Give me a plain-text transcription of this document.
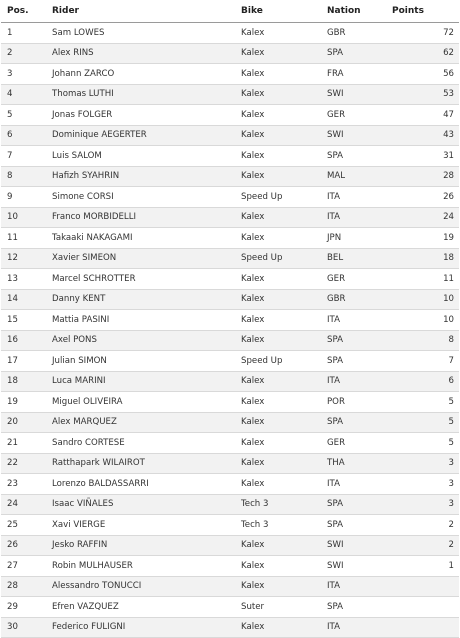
Pos.	Rider	Bike	Nation	Points
1	Sam LOWES	Kalex	GBR	72
2	Alex RINS	Kalex	SPA	62
3	Johann ZARCO	Kalex	FRA	56
4	Thomas LUTHI	Kalex	SWI	53
5	Jonas FOLGER	Kalex	GER	47
6	Dominique AEGERTER	Kalex	SWI	43
7	Luis SALOM	Kalex	SPA	31
8	Hafizh SYAHRIN	Kalex	MAL	28
9	Simone CORSI	Speed Up	ITA	26
10	Franco MORBIDELLI	Kalex	ITA	24
11	Takaaki NAKAGAMI	Kalex	JPN	19
12	Xavier SIMEON	Speed Up	BEL	18
13	Marcel SCHROTTER	Kalex	GER	11
14	Danny KENT	Kalex	GBR	10
15	Mattia PASINI	Kalex	ITA	10
16	Axel PONS	Kalex	SPA	8
17	Julian SIMON	Speed Up	SPA	7
18	Luca MARINI	Kalex	ITA	6
19	Miguel OLIVEIRA	Kalex	POR	5
20	Alex MARQUEZ	Kalex	SPA	5
21	Sandro CORTESE	Kalex	GER	5
22	Ratthapark WILAIROT	Kalex	THA	3
23	Lorenzo BALDASSARRI	Kalex	ITA	3
24	Isaac VIÑALES	Tech 3	SPA	3
25	Xavi VIERGE	Tech 3	SPA	2
26	Jesko RAFFIN	Kalex	SWI	2
27	Robin MULHAUSER	Kalex	SWI	1
28	Alessandro TONUCCI	Kalex	ITA
29	Efren VAZQUEZ	Suter	SPA
30	Federico FULIGNI	Kalex	ITA
